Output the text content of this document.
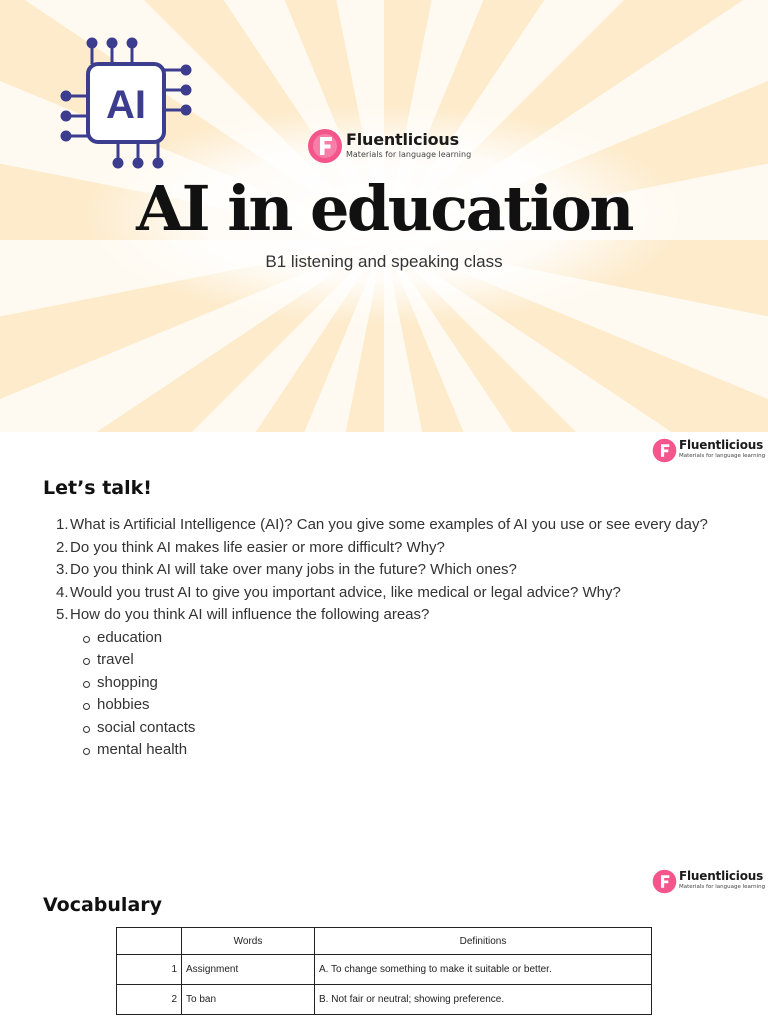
AI
Fluentlicious
Materials for language learning
AI in education
B1 listening and speaking class
Fluentlicious
Materials for language learning
Let’s talk!
1. What is Artificial Intelligence (AI)? Can you give some examples of AI you use or see every day?
2. Do you think AI makes life easier or more difficult? Why?
3. Do you think AI will take over many jobs in the future? Which ones?
4. Would you trust AI to give you important advice, like medical or legal advice? Why?
5. How do you think AI will influence the following areas?
education
travel
shopping
hobbies
social contacts
mental health
Fluentlicious
Materials for language learning
Vocabulary
	Words	Definitions
1	Assignment	A. To change something to make it suitable or better.
2	To ban	B. Not fair or neutral; showing preference.
